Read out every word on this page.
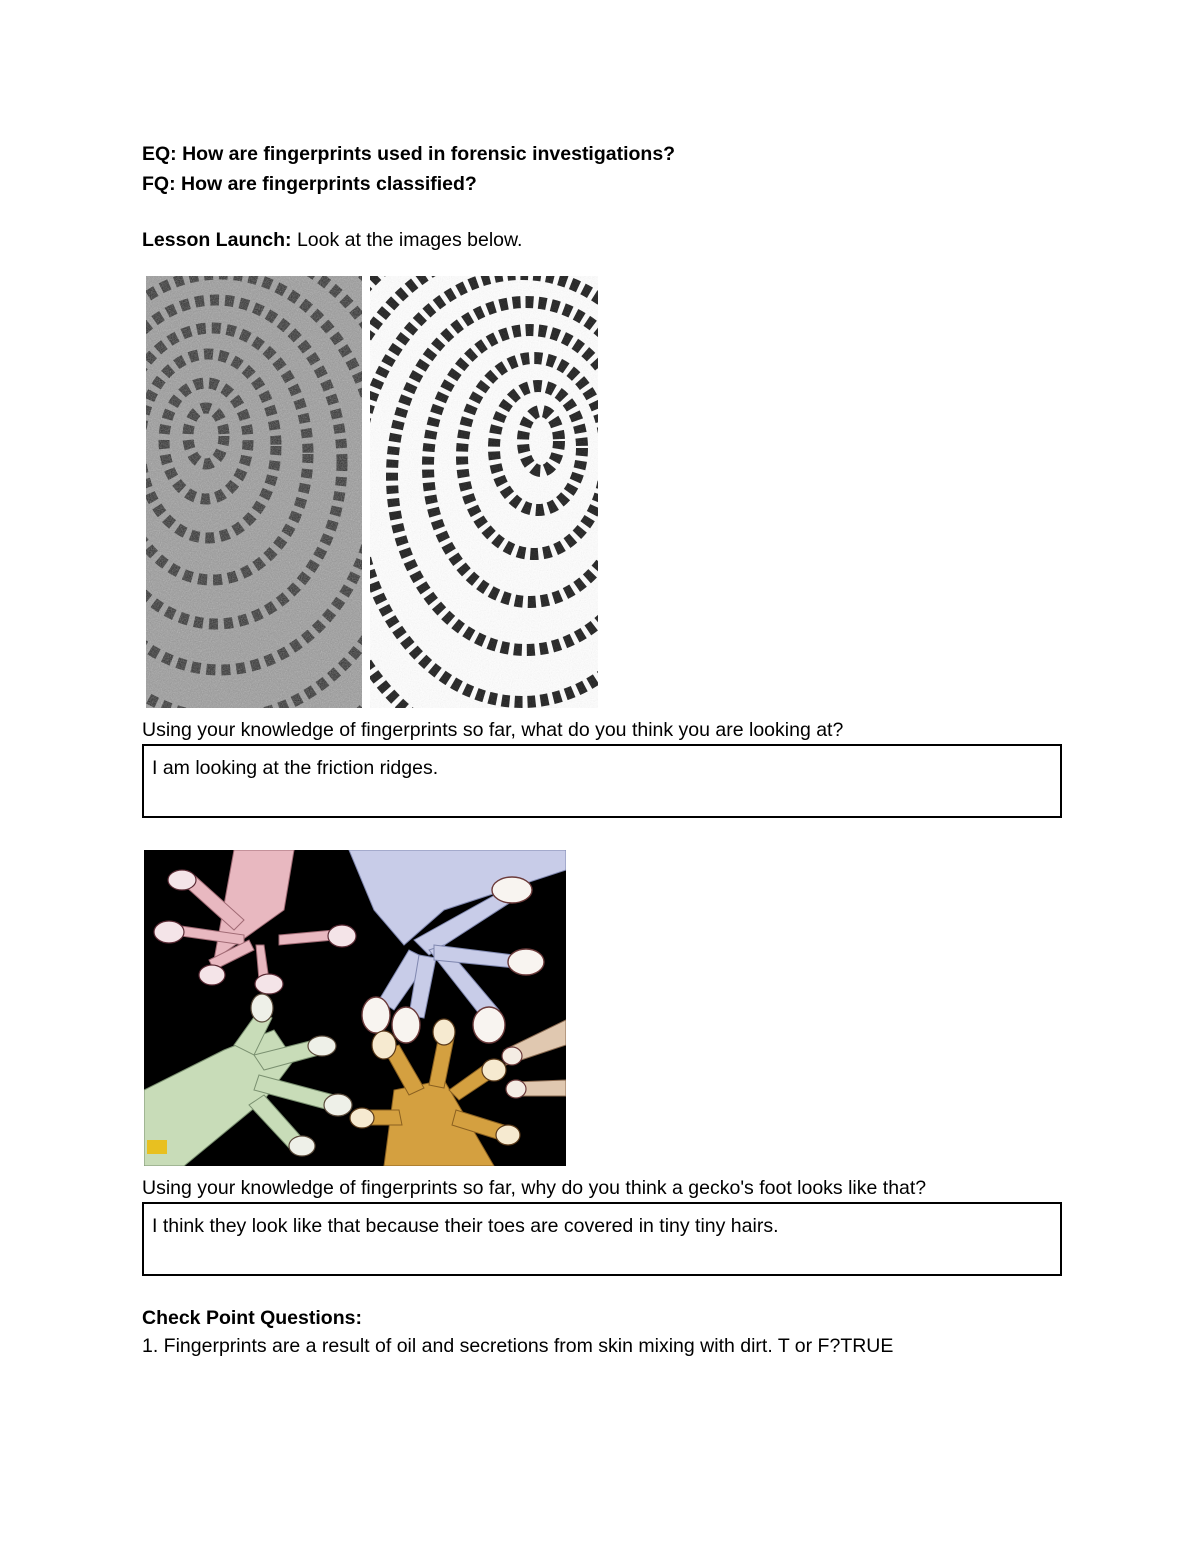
EQ: How are fingerprints used in forensic investigations?
FQ: How are fingerprints classified?
Lesson Launch: Look at the images below.
Using your knowledge of fingerprints so far, what do you think you are looking at?
I am looking at the friction ridges.
Using your knowledge of fingerprints so far, why do you think a gecko's foot looks like that?
I think they look like that because their toes are covered in tiny tiny hairs.
Check Point Questions:
1. Fingerprints are a result of oil and secretions from skin mixing with dirt. T or F?TRUE
